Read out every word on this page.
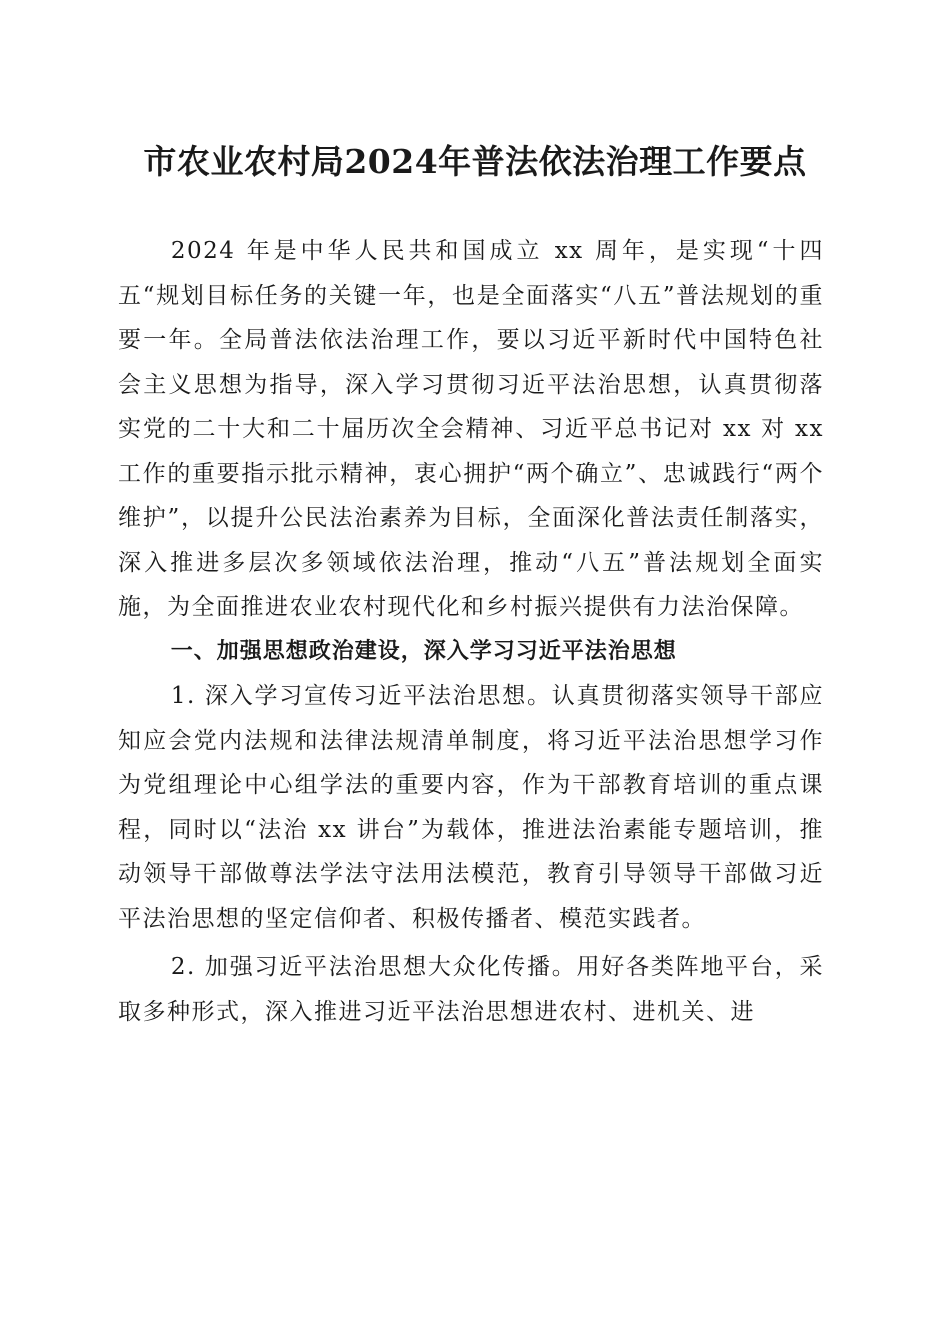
市农业农村局2024年普法依法治理工作要点

2024 年是中华人民共和国成立 xx 周年，是实现“十四五“规划目标任务的关键一年，也是全面落实“八五”普法规划的重要一年。全局普法依法治理工作，要以习近平新时代中国特色社会主义思想为指导，深入学习贯彻习近平法治思想，认真贯彻落实党的二十大和二十届历次全会精神、习近平总书记对 xx 对 xx 工作的重要指示批示精神，衷心拥护“两个确立”、忠诚践行“两个维护”，以提升公民法治素养为目标，全面深化普法责任制落实，深入推进多层次多领域依法治理，推动“八五”普法规划全面实施，为全面推进农业农村现代化和乡村振兴提供有力法治保障。

一、加强思想政治建设，深入学习习近平法治思想

1. 深入学习宣传习近平法治思想。认真贯彻落实领导干部应知应会党内法规和法律法规清单制度，将习近平法治思想学习作为党组理论中心组学法的重要内容，作为干部教育培训的重点课程，同时以“法治 xx 讲台”为载体，推进法治素能专题培训，推动领导干部做尊法学法守法用法模范，教育引导领导干部做习近平法治思想的坚定信仰者、积极传播者、模范实践者。

2. 加强习近平法治思想大众化传播。用好各类阵地平台，采取多种形式，深入推进习近平法治思想进农村、进机关、进
